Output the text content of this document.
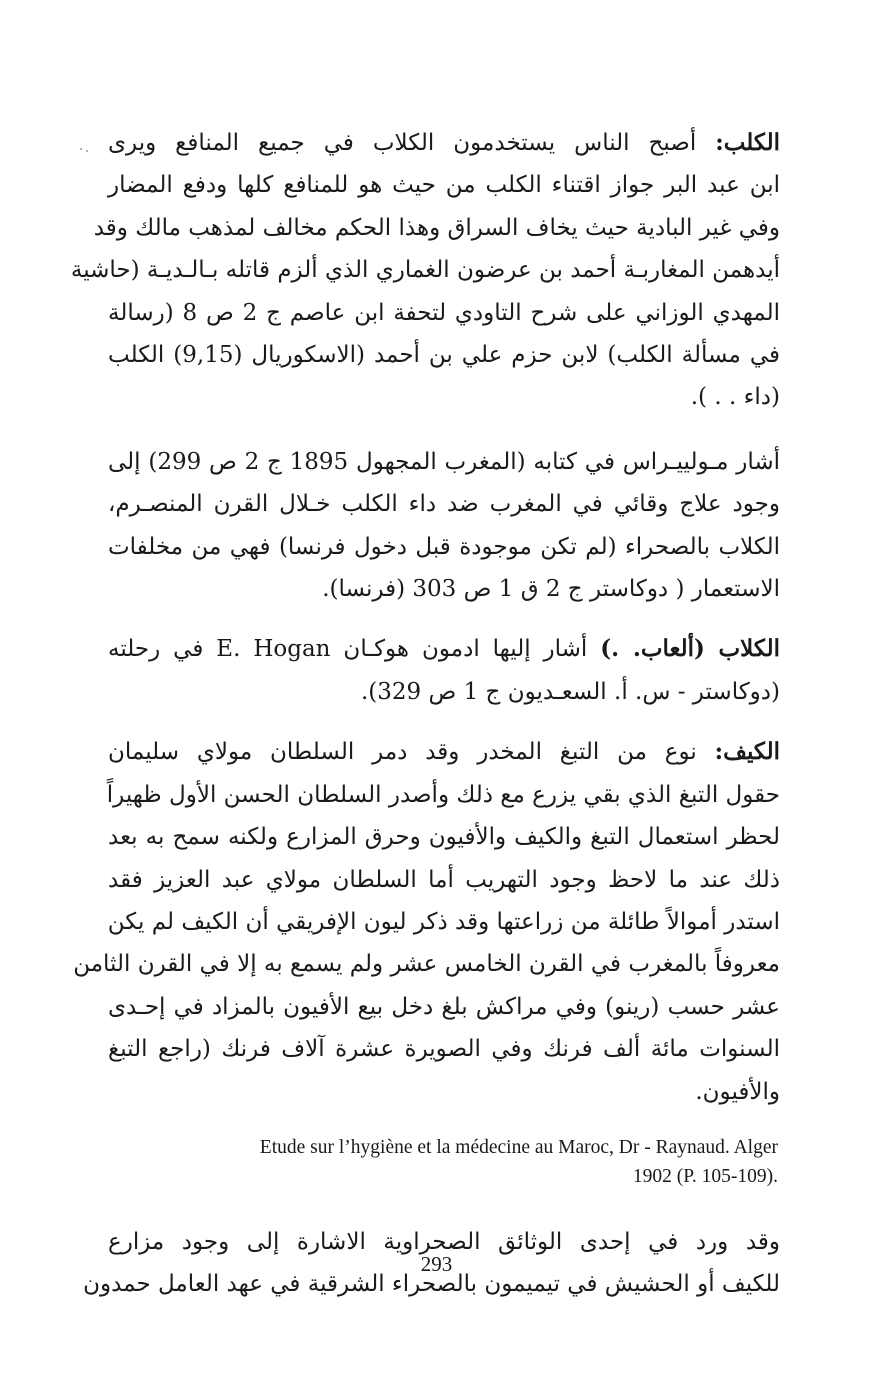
الكلب: أصبح الناس يستخدمون الكلاب في جميع المنافع ويرى
ابن عبد البر جواز اقتناء الكلب من حيث هو للمنافع كلها ودفع المضار
وفي غير البادية حيث يخاف السراق وهذا الحكم مخالف لمذهب مالك وقد
أيدهمن المغاربـة أحمد بن عرضون الغماري الذي ألزم قاتله بـالـديـة (حاشية
المهدي الوزاني على شرح التاودي لتحفة ابن عاصم ج 2 ص 8 (رسالة
في مسألة الكلب) لابن حزم علي بن أحمد (الاسكوريال (9,15) الكلب
(داء . . ).

أشار مـولييـراس في كتابه (المغرب المجهول 1895 ج 2 ص 299) إلى
وجود علاج وقائي في المغرب ضد داء الكلب خـلال القرن المنصـرم،
الكلاب بالصحراء (لم تكن موجودة قبل دخول فرنسا) فهي من مخلفات
الاستعمار ( دوكاستر ج 2 ق 1 ص 303 (فرنسا).

الكلاب (ألعاب. .) أشار إليها ادمون هوكـان E. Hogan في رحلته
(دوكاستر - س. أ. السعـديون ج 1 ص 329).

الكيف: نوع من التبغ المخدر وقد دمر السلطان مولاي سليمان
حقول التبغ الذي بقي يزرع مع ذلك وأصدر السلطان الحسن الأول ظهيراً
لحظر استعمال التبغ والكيف والأفيون وحرق المزارع ولكنه سمح به بعد
ذلك عند ما لاحظ وجود التهريب أما السلطان مولاي عبد العزيز فقد
استدر أموالاً طائلة من زراعتها وقد ذكر ليون الإفريقي أن الكيف لم يكن
معروفاً بالمغرب في القرن الخامس عشر ولم يسمع به إلا في القرن الثامن
عشر حسب (رينو) وفي مراكش بلغ دخل بيع الأفيون بالمزاد في إحـدى
السنوات مائة ألف فرنك وفي الصويرة عشرة آلاف فرنك (راجع التبغ
والأفيون.

Etude sur l’hygiène et la médecine au Maroc, Dr - Raynaud. Alger
1902 (P. 105-109).

وقد ورد في إحدى الوثائق الصحراوية الاشارة إلى وجود مزارع
للكيف أو الحشيش في تيميمون بالصحراء الشرقية في عهد العامل حمدون

293
